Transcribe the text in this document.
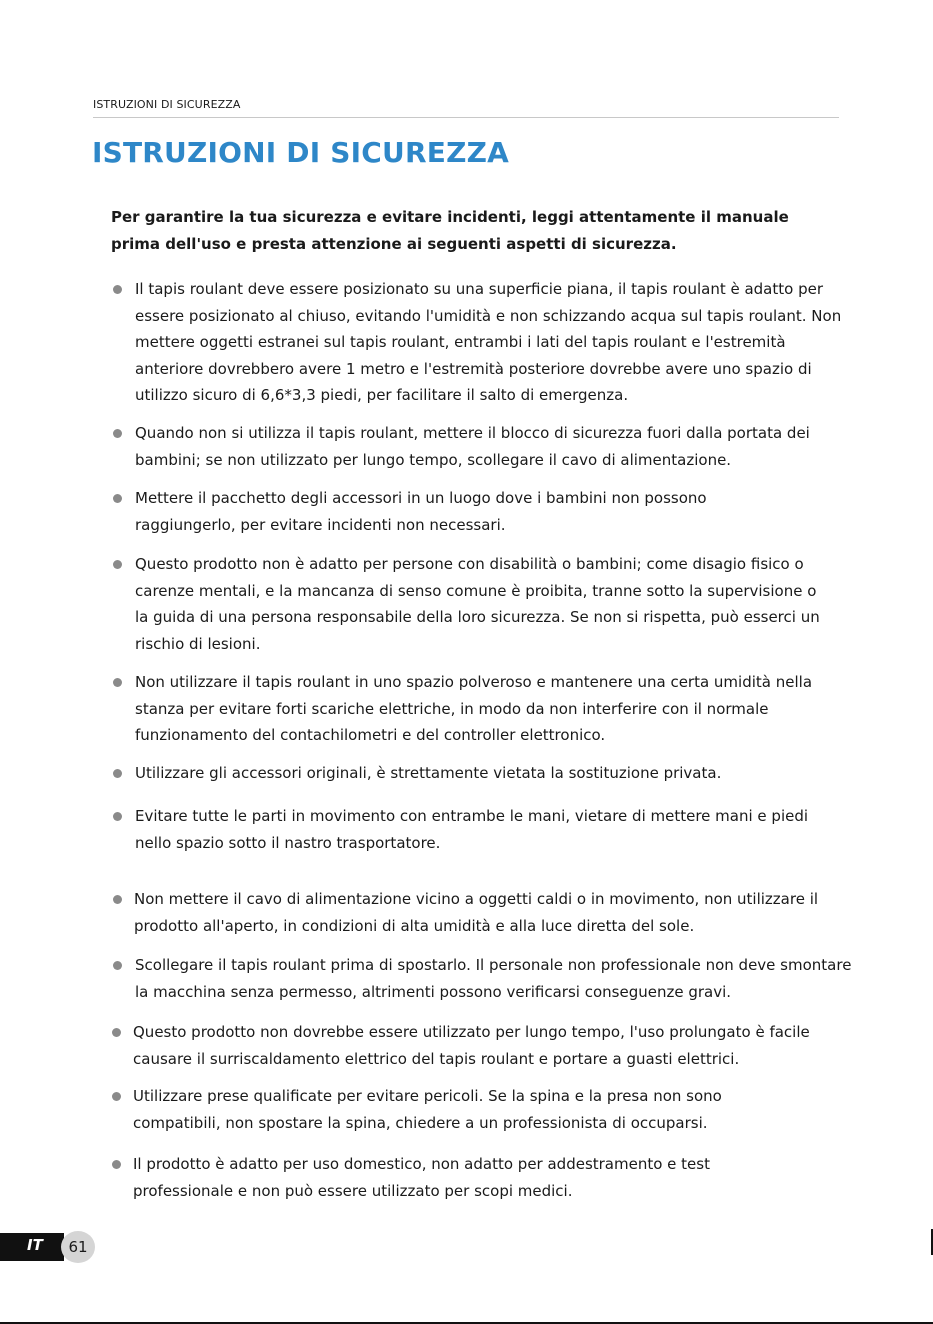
ISTRUZIONI DI SICUREZZA
ISTRUZIONI DI SICUREZZA

Per garantire la tua sicurezza e evitare incidenti, leggi attentamente il manuale prima dell'uso e presta attenzione ai seguenti aspetti di sicurezza.

Il tapis roulant deve essere posizionato su una superficie piana, il tapis roulant è adatto per essere posizionato al chiuso, evitando l'umidità e non schizzando acqua sul tapis roulant. Non mettere oggetti estranei sul tapis roulant, entrambi i lati del tapis roulant e l'estremità anteriore dovrebbero avere 1 metro e l'estremità posteriore dovrebbe avere uno spazio di utilizzo sicuro di 6,6*3,3 piedi, per facilitare il salto di emergenza.

Quando non si utilizza il tapis roulant, mettere il blocco di sicurezza fuori dalla portata dei bambini; se non utilizzato per lungo tempo, scollegare il cavo di alimentazione.

Mettere il pacchetto degli accessori in un luogo dove i bambini non possono raggiungerlo, per evitare incidenti non necessari.

Questo prodotto non è adatto per persone con disabilità o bambini; come disagio fisico o carenze mentali, e la mancanza di senso comune è proibita, tranne sotto la supervisione o la guida di una persona responsabile della loro sicurezza. Se non si rispetta, può esserci un rischio di lesioni.

Non utilizzare il tapis roulant in uno spazio polveroso e mantenere una certa umidità nella stanza per evitare forti scariche elettriche, in modo da non interferire con il normale funzionamento del contachilometri e del controller elettronico.

Utilizzare gli accessori originali, è strettamente vietata la sostituzione privata.

Evitare tutte le parti in movimento con entrambe le mani, vietare di mettere mani e piedi nello spazio sotto il nastro trasportatore.

Non mettere il cavo di alimentazione vicino a oggetti caldi o in movimento, non utilizzare il prodotto all'aperto, in condizioni di alta umidità e alla luce diretta del sole.

Scollegare il tapis roulant prima di spostarlo. Il personale non professionale non deve smontare la macchina senza permesso, altrimenti possono verificarsi conseguenze gravi.

Questo prodotto non dovrebbe essere utilizzato per lungo tempo, l'uso prolungato è facile causare il surriscaldamento elettrico del tapis roulant e portare a guasti elettrici.

Utilizzare prese qualificate per evitare pericoli. Se la spina e la presa non sono compatibili, non spostare la spina, chiedere a un professionista di occuparsi.

Il prodotto è adatto per uso domestico, non adatto per addestramento e test professionale e non può essere utilizzato per scopi medici.

IT	61
